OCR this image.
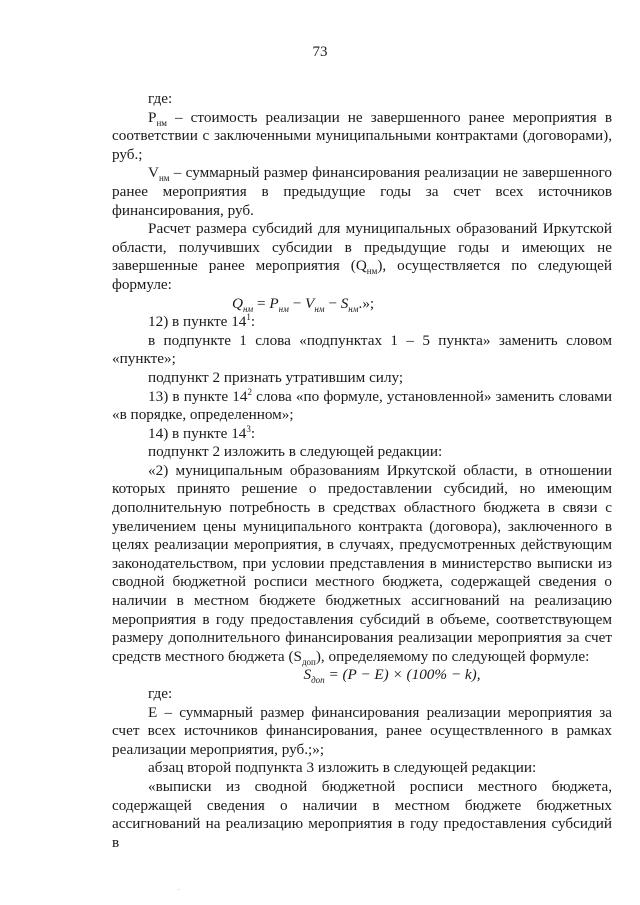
73

где:

$Р_{нм}$ – стоимость реализации не завершенного ранее мероприятия в соответствии с заключенными муниципальными контрактами (договорами), руб.;

$V_{нм}$ – суммарный размер финансирования реализации не завершенного ранее мероприятия в предыдущие годы за счет всех источников финансирования, руб.

Расчет размера субсидий для муниципальных образований Иркутской области, получивших субсидии в предыдущие годы и имеющих не завершенные ранее мероприятия $(Q_{нм})$, осуществляется по следующей формуле:

$Q_{нм} = P_{нм} - V_{нм} - S_{нм}$.»;

12) в пункте $14^1$:

в подпункте 1 слова «подпунктах 1 – 5 пункта» заменить словом «пункте»;

подпункт 2 признать утратившим силу;

13) в пункте $14^2$ слова «по формуле, установленной» заменить словами «в порядке, определенном»;

14) в пункте $14^3$:

подпункт 2 изложить в следующей редакции:

«2) муниципальным образованиям Иркутской области, в отношении которых принято решение о предоставлении субсидий, но имеющим дополнительную потребность в средствах областного бюджета в связи с увеличением цены муниципального контракта (договора), заключенного в целях реализации мероприятия, в случаях, предусмотренных действующим законодательством, при условии представления в министерство выписки из сводной бюджетной росписи местного бюджета, содержащей сведения о наличии в местном бюджете бюджетных ассигнований на реализацию мероприятия в году предоставления субсидий в объеме, соответствующем размеру дополнительного финансирования реализации мероприятия за счет средств местного бюджета $(S_{доп})$, определяемому по следующей формуле:

$S_{доп} = (P - E) \times (100\% - k)$,

где:

Е – суммарный размер финансирования реализации мероприятия за счет всех источников финансирования, ранее осуществленного в рамках реализации мероприятия, руб.;»;

абзац второй подпункта 3 изложить в следующей редакции:

«выписки из сводной бюджетной росписи местного бюджета, содержащей сведения о наличии в местном бюджете бюджетных ассигнований на реализацию мероприятия в году предоставления субсидий в

.
